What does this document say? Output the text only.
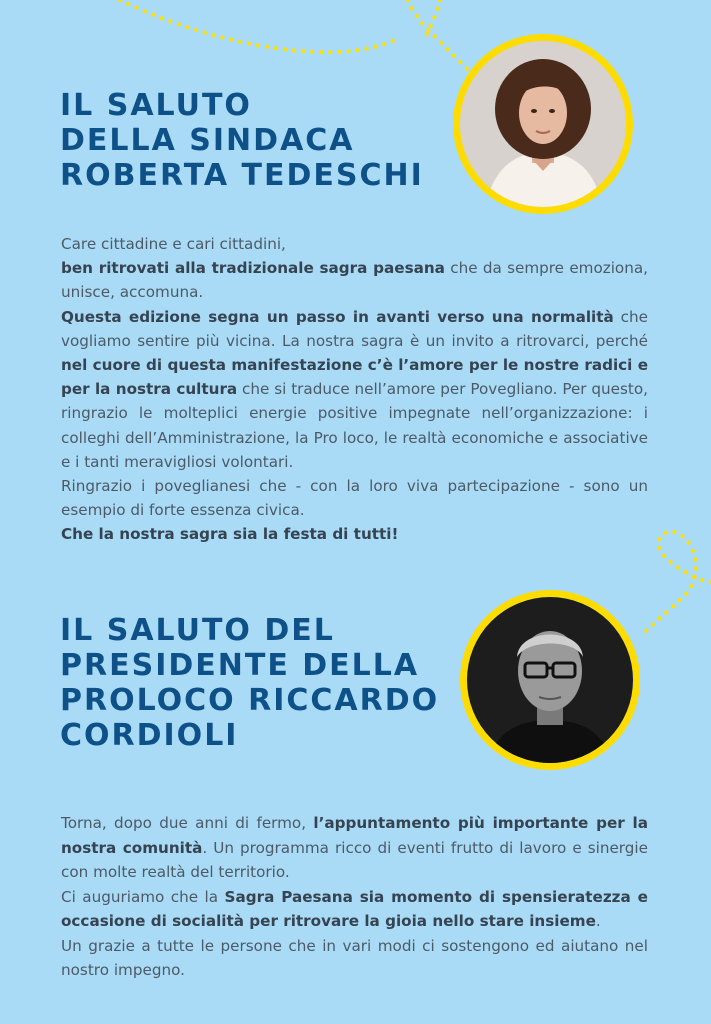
IL SALUTO
DELLA SINDACA
ROBERTA TEDESCHI

Care cittadine e cari cittadini,

ben ritrovati alla tradizionale sagra paesana che da sempre emoziona, unisce, accomuna.

Questa edizione segna un passo in avanti verso una normalità che vogliamo sentire più vicina. La nostra sagra è un invito a ritrovarci, perché nel cuore di questa manifestazione c’è l’amore per le nostre radici e per la nostra cultura che si traduce nell’amore per Povegliano. Per questo, ringrazio le molteplici energie positive impegnate nell’organizzazione: i colleghi dell’Amministrazione, la Pro loco, le realtà economiche e associative e i tanti meravigliosi volontari.

Ringrazio i poveglianesi che - con la loro viva partecipazione - sono un esempio di forte essenza civica.

Che la nostra sagra sia la festa di tutti!

IL SALUTO DEL
PRESIDENTE DELLA
PROLOCO RICCARDO
CORDIOLI

Torna, dopo due anni di fermo, l’appuntamento più importante per la nostra comunità. Un programma ricco di eventi frutto di lavoro e sinergie con molte realtà del territorio.

Ci auguriamo che la Sagra Paesana sia momento di spensieratezza e occasione di socialità per ritrovare la gioia nello stare insieme.

Un grazie a tutte le persone che in vari modi ci sostengono ed aiutano nel nostro impegno.
